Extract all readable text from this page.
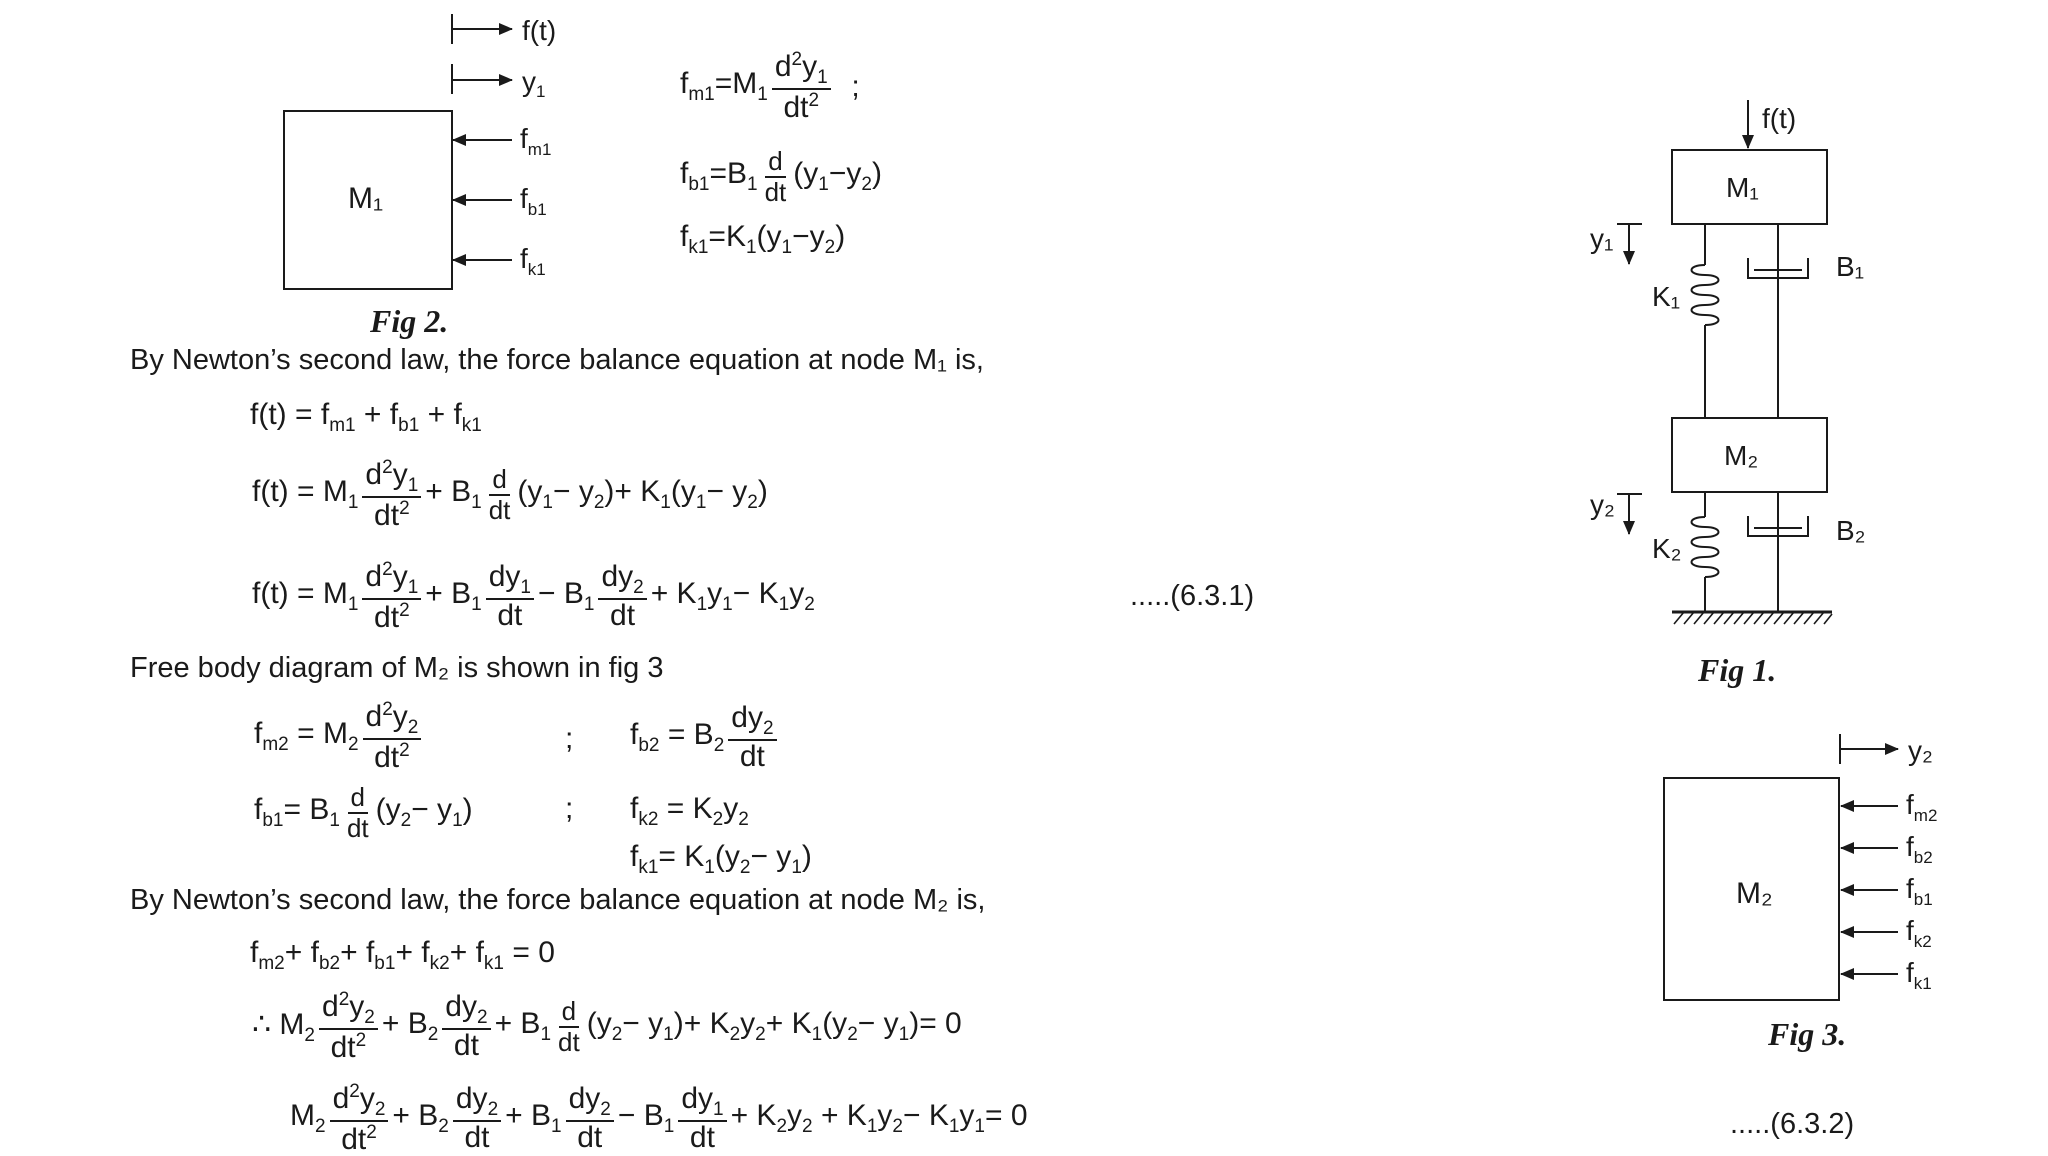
M₁
f(t)
$y_1$
$f_{m1}$
$f_{b1}$
$f_{k1}$
Fig 2.
$f_{m1}=M_1 \frac{d^2y_1}{dt^2}$ ;
$f_{b1}=B_1 \frac{d}{dt} (y_1-y_2)$
$f_{k1}=K_1(y_1-y_2)$
By Newton’s second law, the force balance equation at node M₁ is,
$f(t) = f_{m1} + f_{b1} + f_{k1}$
$f(t) = M_1 \frac{d^2y_1}{dt^2} + B_1 \frac{d}{dt} (y_1- y_2)+ K_1(y_1- y_2)$
$f(t) = M_1 \frac{d^2y_1}{dt^2} + B_1 \frac{dy_1}{dt} - B_1 \frac{dy_2}{dt} + K_1y_1- K_1y_2$	.....(6.3.1)
Free body diagram of M₂ is shown in fig 3
$f_{m2} = M_2 \frac{d^2y_2}{dt^2}$	; $f_{b2} = B_2 \frac{dy_2}{dt}$
$f_{b1}= B_1 \frac{d}{dt} (y_2- y_1)$	; $f_{k2} = K_2y_2$
$f_{k1}= K_1(y_2- y_1)$
By Newton’s second law, the force balance equation at node M₂ is,
$f_{m2}+ f_{b2}+ f_{b1}+ f_{k2}+ f_{k1} = 0$
∴ $M_2 \frac{d^2y_2}{dt^2} + B_2 \frac{dy_2}{dt} + B_1 \frac{d}{dt} (y_2- y_1)+ K_2y_2+ K_1(y_2- y_1)= 0$
$M_2 \frac{d^2y_2}{dt^2} + B_2 \frac{dy_2}{dt} + B_1 \frac{dy_2}{dt} - B_1 \frac{dy_1}{dt} + K_2y_2 + K_1y_2- K_1y_1= 0$	.....(6.3.2)
f(t)
M₁
y₁
K₁
B₁
M₂
y₂
K₂
B₂
Fig 1.
M₂
y₂
$f_{m2}$
$f_{b2}$
$f_{b1}$
$f_{k2}$
$f_{k1}$
Fig 3.
